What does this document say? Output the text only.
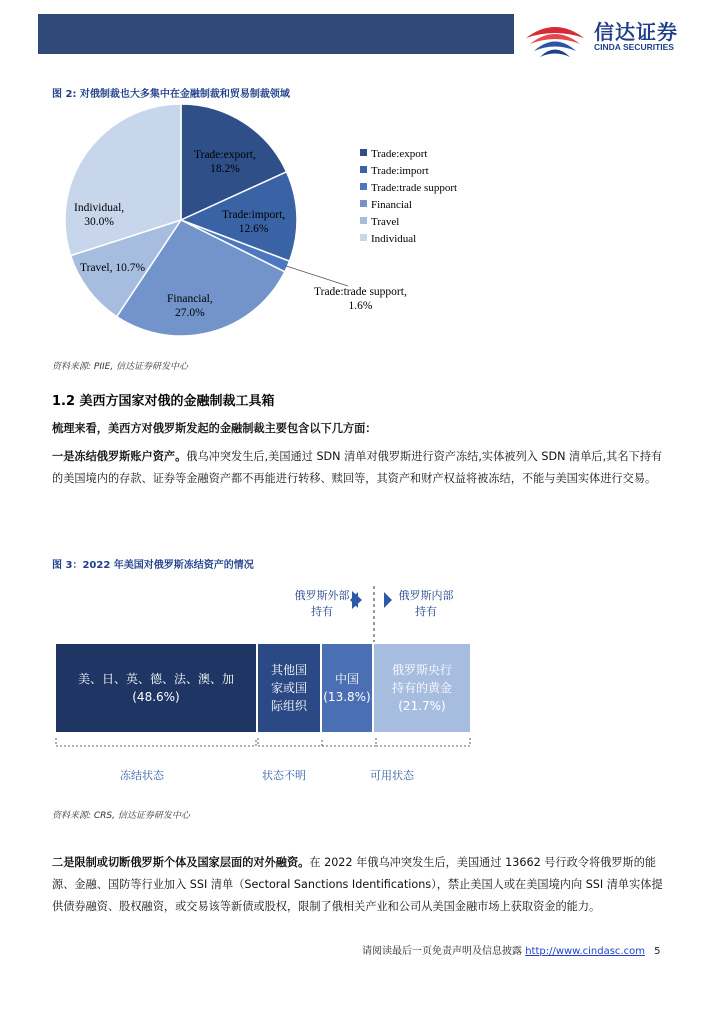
信达证券
CINDA SECURITIES
图 2: 对俄制裁也大多集中在金融制裁和贸易制裁领域
Trade:export,
18.2%
Trade:import,
12.6%
Trade:trade support,
1.6%
Financial,
27.0%
Travel, 10.7%
Individual,
30.0%
Trade:export
Trade:import
Trade:trade support
Financial
Travel
Individual
资料来源: PIIE, 信达证券研发中心
1.2 美西方国家对俄的金融制裁工具箱
梳理来看，美西方对俄罗斯发起的金融制裁主要包含以下几方面：
一是冻结俄罗斯账户资产。俄乌冲突发生后,美国通过 SDN 清单对俄罗斯进行资产冻结,实体被列入 SDN 清单后,其名下持有的美国境内的存款、证券等金融资产都不再能进行转移、赎回等，其资产和财产权益将被冻结，不能与美国实体进行交易。
图 3：2022 年美国对俄罗斯冻结资产的情况
俄罗斯外部
持有
俄罗斯内部
持有
美、日、英、德、法、澳、加
(48.6%)
其他国
家或国
际组织
中国
(13.8%)
俄罗斯央行
持有的黄金
(21.7%)
冻结状态	状态不明	可用状态
资料来源: CRS, 信达证券研发中心
二是限制或切断俄罗斯个体及国家层面的对外融资。在 2022 年俄乌冲突发生后，美国通过 13662 号行政令将俄罗斯的能源、金融、国防等行业加入 SSI 清单（Sectoral Sanctions Identifications），禁止美国人或在美国境内向 SSI 清单实体提供债券融资、股权融资，或交易该等新债或股权，限制了俄相关产业和公司从美国金融市场上获取资金的能力。
请阅读最后一页免责声明及信息披露 http://www.cindasc.com 5
